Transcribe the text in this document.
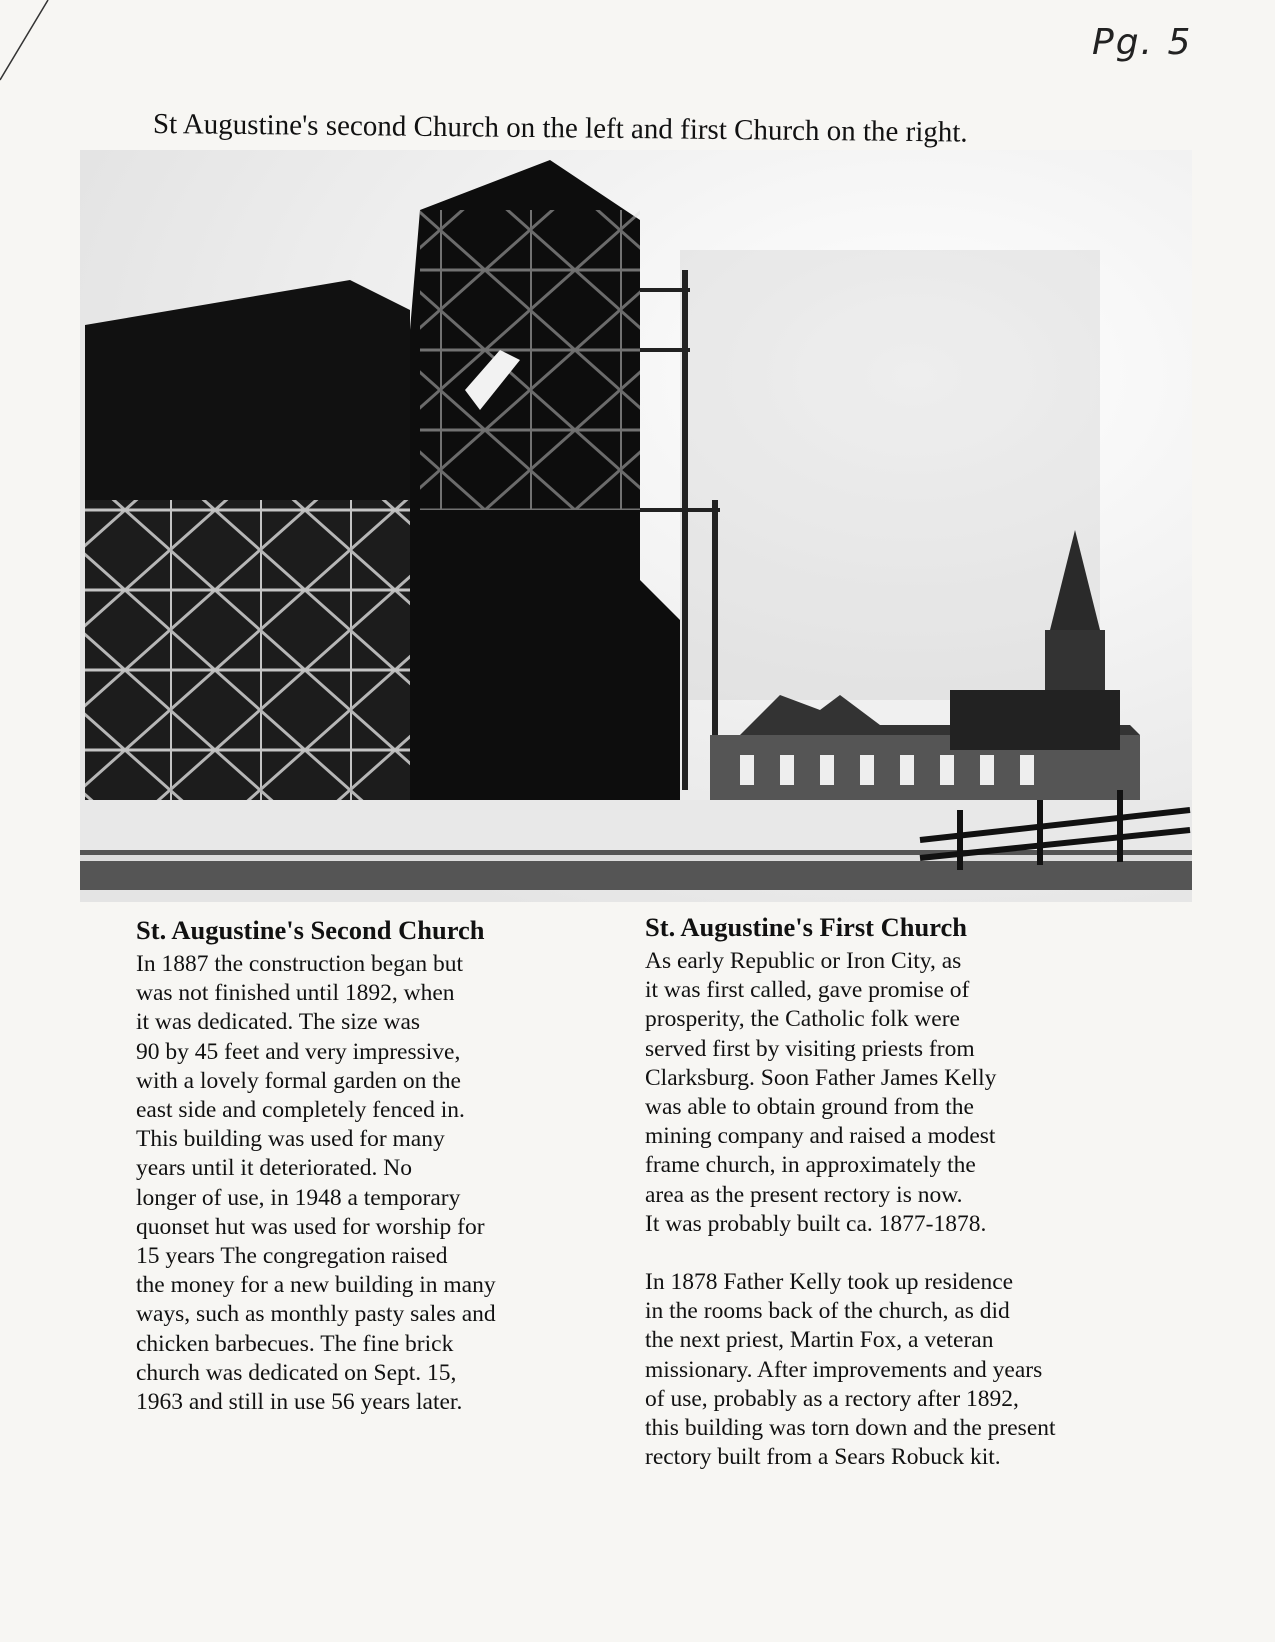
Pg. 5
St Augustine's second Church on the left and first Church on the right.
St. Augustine's Second Church

In 1887 the construction began but

was not finished until 1892, when

it was dedicated. The size was

90 by 45 feet and very impressive,

with a lovely formal garden on the

east side and completely fenced in.

This building was used for many

years until it deteriorated. No

longer of use, in 1948 a temporary

quonset hut was used for worship for

15 years The congregation raised

the money for a new building in many

ways, such as monthly pasty sales and

chicken barbecues. The fine brick

church was dedicated on Sept. 15,

1963 and still in use 56 years later.

St. Augustine's First Church

As early Republic or Iron City, as

it was first called, gave promise of

prosperity, the Catholic folk were

served first by visiting priests from

Clarksburg. Soon Father James Kelly

was able to obtain ground from the

mining company and raised a modest

frame church, in approximately the

area as the present rectory is now.

It was probably built ca. 1877-1878.

In 1878 Father Kelly took up residence

in the rooms back of the church, as did

the next priest, Martin Fox, a veteran

missionary. After improvements and years

of use, probably as a rectory after 1892,

this building was torn down and the present

rectory built from a Sears Robuck kit.
